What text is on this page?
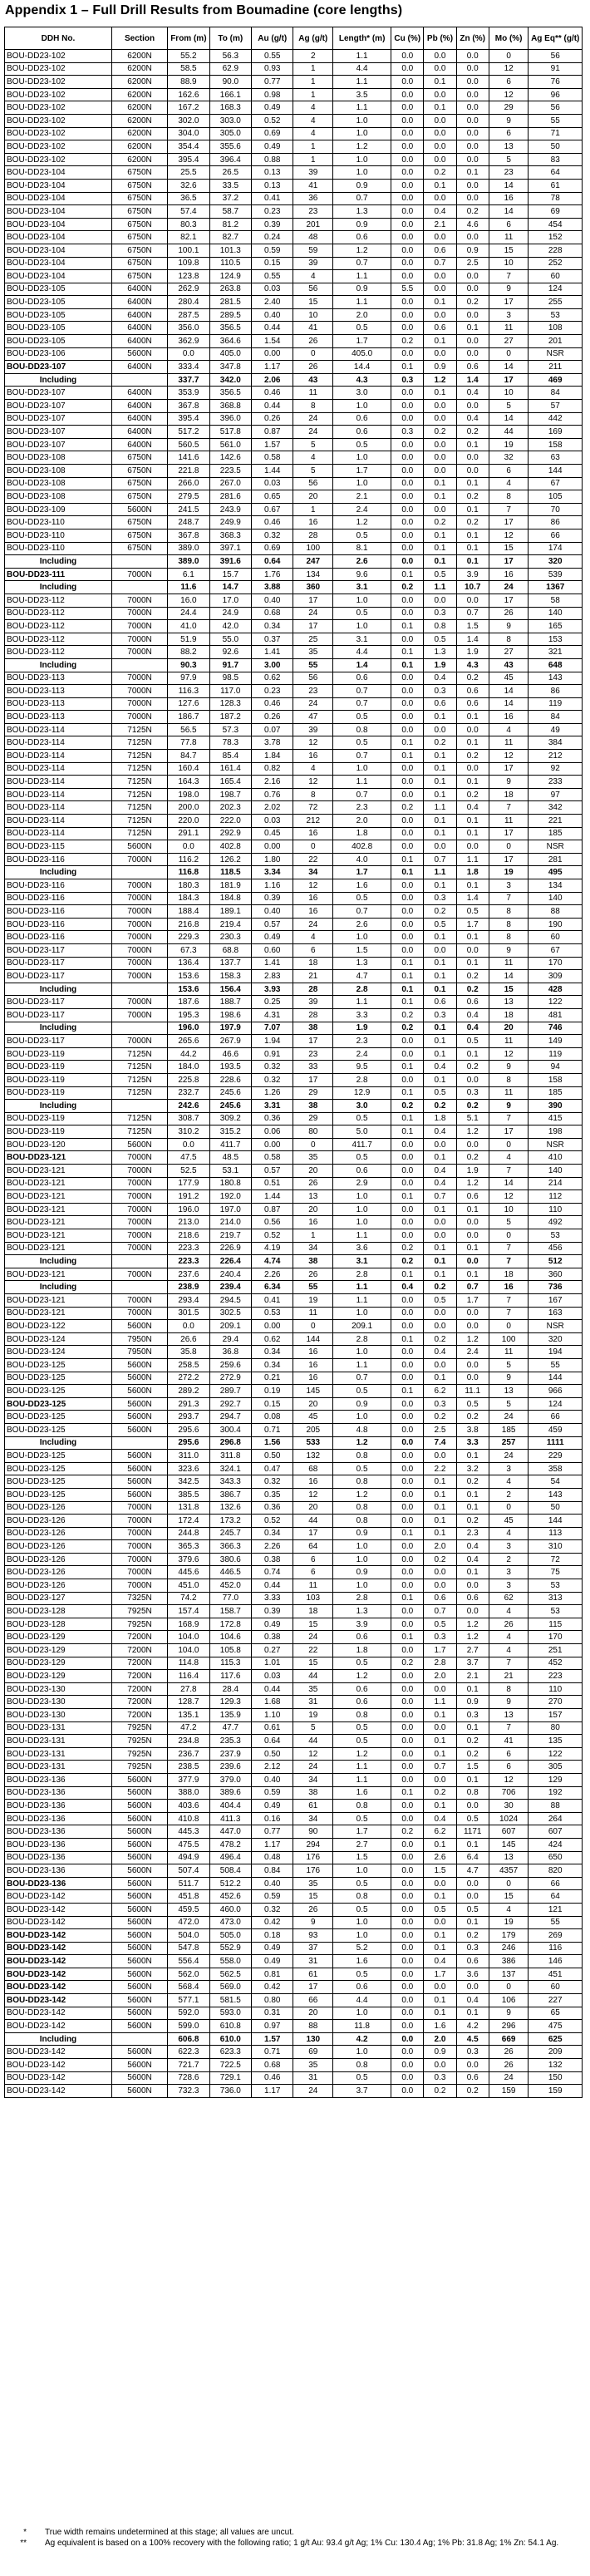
Appendix 1 – Full Drill Results from Boumadine (core lengths)
DDH No.	Section	From (m)	To (m)	Au (g/t)	Ag (g/t)	Length* (m)	Cu (%)	Pb (%)	Zn (%)	Mo (%)	Ag Eq** (g/t)
BOU-DD23-102	6200N	55.2	56.3	0.55	2	1.1	0.0	0.0	0.0	0	56
BOU-DD23-102	6200N	58.5	62.9	0.93	1	4.4	0.0	0.0	0.0	12	91
BOU-DD23-102	6200N	88.9	90.0	0.77	1	1.1	0.0	0.1	0.0	6	76
BOU-DD23-102	6200N	162.6	166.1	0.98	1	3.5	0.0	0.0	0.0	12	96
BOU-DD23-102	6200N	167.2	168.3	0.49	4	1.1	0.0	0.1	0.0	29	56
BOU-DD23-102	6200N	302.0	303.0	0.52	4	1.0	0.0	0.0	0.0	9	55
BOU-DD23-102	6200N	304.0	305.0	0.69	4	1.0	0.0	0.0	0.0	6	71
BOU-DD23-102	6200N	354.4	355.6	0.49	1	1.2	0.0	0.0	0.0	13	50
BOU-DD23-102	6200N	395.4	396.4	0.88	1	1.0	0.0	0.0	0.0	5	83
BOU-DD23-104	6750N	25.5	26.5	0.13	39	1.0	0.0	0.2	0.1	23	64
BOU-DD23-104	6750N	32.6	33.5	0.13	41	0.9	0.0	0.1	0.0	14	61
BOU-DD23-104	6750N	36.5	37.2	0.41	36	0.7	0.0	0.0	0.0	16	78
BOU-DD23-104	6750N	57.4	58.7	0.23	23	1.3	0.0	0.4	0.2	14	69
BOU-DD23-104	6750N	80.3	81.2	0.39	201	0.9	0.0	2.1	4.6	6	454
BOU-DD23-104	6750N	82.1	82.7	0.24	48	0.6	0.0	0.0	0.0	11	152
BOU-DD23-104	6750N	100.1	101.3	0.59	59	1.2	0.0	0.6	0.9	15	228
BOU-DD23-104	6750N	109.8	110.5	0.15	39	0.7	0.0	0.7	2.5	10	252
BOU-DD23-104	6750N	123.8	124.9	0.55	4	1.1	0.0	0.0	0.0	7	60
BOU-DD23-105	6400N	262.9	263.8	0.03	56	0.9	5.5	0.0	0.0	9	124
BOU-DD23-105	6400N	280.4	281.5	2.40	15	1.1	0.0	0.1	0.2	17	255
BOU-DD23-105	6400N	287.5	289.5	0.40	10	2.0	0.0	0.0	0.0	3	53
BOU-DD23-105	6400N	356.0	356.5	0.44	41	0.5	0.0	0.6	0.1	11	108
BOU-DD23-105	6400N	362.9	364.6	1.54	26	1.7	0.2	0.1	0.0	27	201
BOU-DD23-106	5600N	0.0	405.0	0.00	0	405.0	0.0	0.0	0.0	0	NSR
BOU-DD23-107	6400N	333.4	347.8	1.17	26	14.4	0.1	0.9	0.6	14	211
Including		337.7	342.0	2.06	43	4.3	0.3	1.2	1.4	17	469
BOU-DD23-107	6400N	353.9	356.5	0.46	11	3.0	0.0	0.1	0.4	10	84
BOU-DD23-107	6400N	367.8	368.8	0.44	8	1.0	0.0	0.0	0.0	5	57
BOU-DD23-107	6400N	395.4	396.0	0.26	24	0.6	0.0	0.0	0.4	14	442
BOU-DD23-107	6400N	517.2	517.8	0.87	24	0.6	0.3	0.2	0.2	44	169
BOU-DD23-107	6400N	560.5	561.0	1.57	5	0.5	0.0	0.0	0.1	19	158
BOU-DD23-108	6750N	141.6	142.6	0.58	4	1.0	0.0	0.0	0.0	32	63
BOU-DD23-108	6750N	221.8	223.5	1.44	5	1.7	0.0	0.0	0.0	6	144
BOU-DD23-108	6750N	266.0	267.0	0.03	56	1.0	0.0	0.1	0.1	4	67
BOU-DD23-108	6750N	279.5	281.6	0.65	20	2.1	0.0	0.1	0.2	8	105
BOU-DD23-109	5600N	241.5	243.9	0.67	1	2.4	0.0	0.0	0.1	7	70
BOU-DD23-110	6750N	248.7	249.9	0.46	16	1.2	0.0	0.2	0.2	17	86
BOU-DD23-110	6750N	367.8	368.3	0.32	28	0.5	0.0	0.1	0.1	12	66
BOU-DD23-110	6750N	389.0	397.1	0.69	100	8.1	0.0	0.1	0.1	15	174
Including		389.0	391.6	0.64	247	2.6	0.0	0.1	0.1	17	320
BOU-DD23-111	7000N	6.1	15.7	1.76	134	9.6	0.1	0.5	3.9	16	539
Including		11.6	14.7	3.88	360	3.1	0.2	1.1	10.7	24	1367
BOU-DD23-112	7000N	16.0	17.0	0.40	17	1.0	0.0	0.0	0.0	17	58
BOU-DD23-112	7000N	24.4	24.9	0.68	24	0.5	0.0	0.3	0.7	26	140
BOU-DD23-112	7000N	41.0	42.0	0.34	17	1.0	0.1	0.8	1.5	9	165
BOU-DD23-112	7000N	51.9	55.0	0.37	25	3.1	0.0	0.5	1.4	8	153
BOU-DD23-112	7000N	88.2	92.6	1.41	35	4.4	0.1	1.3	1.9	27	321
Including		90.3	91.7	3.00	55	1.4	0.1	1.9	4.3	43	648
BOU-DD23-113	7000N	97.9	98.5	0.62	56	0.6	0.0	0.4	0.2	45	143
BOU-DD23-113	7000N	116.3	117.0	0.23	23	0.7	0.0	0.3	0.6	14	86
BOU-DD23-113	7000N	127.6	128.3	0.46	24	0.7	0.0	0.6	0.6	14	119
BOU-DD23-113	7000N	186.7	187.2	0.26	47	0.5	0.0	0.1	0.1	16	84
BOU-DD23-114	7125N	56.5	57.3	0.07	39	0.8	0.0	0.0	0.0	4	49
BOU-DD23-114	7125N	77.8	78.3	3.78	12	0.5	0.1	0.2	0.1	11	384
BOU-DD23-114	7125N	84.7	85.4	1.84	16	0.7	0.1	0.1	0.2	12	212
BOU-DD23-114	7125N	160.4	161.4	0.82	4	1.0	0.0	0.1	0.0	17	92
BOU-DD23-114	7125N	164.3	165.4	2.16	12	1.1	0.0	0.1	0.1	9	233
BOU-DD23-114	7125N	198.0	198.7	0.76	8	0.7	0.0	0.1	0.2	18	97
BOU-DD23-114	7125N	200.0	202.3	2.02	72	2.3	0.2	1.1	0.4	7	342
BOU-DD23-114	7125N	220.0	222.0	0.03	212	2.0	0.0	0.1	0.1	11	221
BOU-DD23-114	7125N	291.1	292.9	0.45	16	1.8	0.0	0.1	0.1	17	185
BOU-DD23-115	5600N	0.0	402.8	0.00	0	402.8	0.0	0.0	0.0	0	NSR
BOU-DD23-116	7000N	116.2	126.2	1.80	22	4.0	0.1	0.7	1.1	17	281
Including		116.8	118.5	3.34	34	1.7	0.1	1.1	1.8	19	495
BOU-DD23-116	7000N	180.3	181.9	1.16	12	1.6	0.0	0.1	0.1	3	134
BOU-DD23-116	7000N	184.3	184.8	0.39	16	0.5	0.0	0.3	1.4	7	140
BOU-DD23-116	7000N	188.4	189.1	0.40	16	0.7	0.0	0.2	0.5	8	88
BOU-DD23-116	7000N	216.8	219.4	0.57	24	2.6	0.0	0.5	1.7	8	190
BOU-DD23-116	7000N	229.3	230.3	0.49	4	1.0	0.0	0.1	0.1	8	60
BOU-DD23-117	7000N	67.3	68.8	0.60	6	1.5	0.0	0.0	0.0	9	67
BOU-DD23-117	7000N	136.4	137.7	1.41	18	1.3	0.1	0.1	0.1	11	170
BOU-DD23-117	7000N	153.6	158.3	2.83	21	4.7	0.1	0.1	0.2	14	309
Including		153.6	156.4	3.93	28	2.8	0.1	0.1	0.2	15	428
BOU-DD23-117	7000N	187.6	188.7	0.25	39	1.1	0.1	0.6	0.6	13	122
BOU-DD23-117	7000N	195.3	198.6	4.31	28	3.3	0.2	0.3	0.4	18	481
Including		196.0	197.9	7.07	38	1.9	0.2	0.1	0.4	20	746
BOU-DD23-117	7000N	265.6	267.9	1.94	17	2.3	0.0	0.1	0.5	11	149
BOU-DD23-119	7125N	44.2	46.6	0.91	23	2.4	0.0	0.1	0.1	12	119
BOU-DD23-119	7125N	184.0	193.5	0.32	33	9.5	0.1	0.4	0.2	9	94
BOU-DD23-119	7125N	225.8	228.6	0.32	17	2.8	0.0	0.1	0.0	8	158
BOU-DD23-119	7125N	232.7	245.6	1.26	29	12.9	0.1	0.5	0.3	11	185
Including		242.6	245.6	3.31	38	3.0	0.2	0.2	0.2	9	390
BOU-DD23-119	7125N	308.7	309.2	0.36	29	0.5	0.1	1.8	5.1	7	415
BOU-DD23-119	7125N	310.2	315.2	0.06	80	5.0	0.1	0.4	1.2	17	198
BOU-DD23-120	5600N	0.0	411.7	0.00	0	411.7	0.0	0.0	0.0	0	NSR
BOU-DD23-121	7000N	47.5	48.5	0.58	35	0.5	0.0	0.1	0.2	4	410
BOU-DD23-121	7000N	52.5	53.1	0.57	20	0.6	0.0	0.4	1.9	7	140
BOU-DD23-121	7000N	177.9	180.8	0.51	26	2.9	0.0	0.4	1.2	14	214
BOU-DD23-121	7000N	191.2	192.0	1.44	13	1.0	0.1	0.7	0.6	12	112
BOU-DD23-121	7000N	196.0	197.0	0.87	20	1.0	0.0	0.1	0.1	10	110
BOU-DD23-121	7000N	213.0	214.0	0.56	16	1.0	0.0	0.0	0.0	5	492
BOU-DD23-121	7000N	218.6	219.7	0.52	1	1.1	0.0	0.0	0.0	0	53
BOU-DD23-121	7000N	223.3	226.9	4.19	34	3.6	0.2	0.1	0.1	7	456
Including		223.3	226.4	4.74	38	3.1	0.2	0.1	0.0	7	512
BOU-DD23-121	7000N	237.6	240.4	2.26	26	2.8	0.1	0.1	0.1	18	360
Including		238.9	239.4	6.34	55	1.1	0.4	0.2	0.7	16	736
BOU-DD23-121	7000N	293.4	294.5	0.41	19	1.1	0.0	0.5	1.7	7	167
BOU-DD23-121	7000N	301.5	302.5	0.53	11	1.0	0.0	0.0	0.0	7	163
BOU-DD23-122	5600N	0.0	209.1	0.00	0	209.1	0.0	0.0	0.0	0	NSR
BOU-DD23-124	7950N	26.6	29.4	0.62	144	2.8	0.1	0.2	1.2	100	320
BOU-DD23-124	7950N	35.8	36.8	0.34	16	1.0	0.0	0.4	2.4	11	194
BOU-DD23-125	5600N	258.5	259.6	0.34	16	1.1	0.0	0.0	0.0	5	55
BOU-DD23-125	5600N	272.2	272.9	0.21	16	0.7	0.0	0.1	0.0	9	144
BOU-DD23-125	5600N	289.2	289.7	0.19	145	0.5	0.1	6.2	11.1	13	966
BOU-DD23-125	5600N	291.3	292.7	0.15	20	0.9	0.0	0.3	0.5	5	124
BOU-DD23-125	5600N	293.7	294.7	0.08	45	1.0	0.0	0.2	0.2	24	66
BOU-DD23-125	5600N	295.6	300.4	0.71	205	4.8	0.0	2.5	3.8	185	459
Including		295.6	296.8	1.56	533	1.2	0.0	7.4	3.3	257	1111
BOU-DD23-125	5600N	311.0	311.8	0.50	132	0.8	0.0	0.0	0.1	24	229
BOU-DD23-125	5600N	323.6	324.1	0.47	68	0.5	0.0	2.2	3.2	3	358
BOU-DD23-125	5600N	342.5	343.3	0.32	16	0.8	0.0	0.1	0.2	4	54
BOU-DD23-125	5600N	385.5	386.7	0.35	12	1.2	0.0	0.1	0.1	2	143
BOU-DD23-126	7000N	131.8	132.6	0.36	20	0.8	0.0	0.1	0.1	0	50
BOU-DD23-126	7000N	172.4	173.2	0.52	44	0.8	0.0	0.1	0.2	45	144
BOU-DD23-126	7000N	244.8	245.7	0.34	17	0.9	0.1	0.1	2.3	4	113
BOU-DD23-126	7000N	365.3	366.3	2.26	64	1.0	0.0	2.0	0.4	3	310
BOU-DD23-126	7000N	379.6	380.6	0.38	6	1.0	0.0	0.2	0.4	2	72
BOU-DD23-126	7000N	445.6	446.5	0.74	6	0.9	0.0	0.0	0.1	3	75
BOU-DD23-126	7000N	451.0	452.0	0.44	11	1.0	0.0	0.0	0.0	3	53
BOU-DD23-127	7325N	74.2	77.0	3.33	103	2.8	0.1	0.6	0.6	62	313
BOU-DD23-128	7925N	157.4	158.7	0.39	18	1.3	0.0	0.7	0.0	4	53
BOU-DD23-128	7925N	168.9	172.8	0.49	15	3.9	0.0	0.5	1.2	26	115
BOU-DD23-129	7200N	104.0	104.6	0.38	24	0.6	0.1	0.3	1.2	4	170
BOU-DD23-129	7200N	104.0	105.8	0.27	22	1.8	0.0	1.7	2.7	4	251
BOU-DD23-129	7200N	114.8	115.3	1.01	15	0.5	0.2	2.8	3.7	7	452
BOU-DD23-129	7200N	116.4	117.6	0.03	44	1.2	0.0	2.0	2.1	21	223
BOU-DD23-130	7200N	27.8	28.4	0.44	35	0.6	0.0	0.0	0.1	8	110
BOU-DD23-130	7200N	128.7	129.3	1.68	31	0.6	0.0	1.1	0.9	9	270
BOU-DD23-130	7200N	135.1	135.9	1.10	19	0.8	0.0	0.1	0.3	13	157
BOU-DD23-131	7925N	47.2	47.7	0.61	5	0.5	0.0	0.0	0.1	7	80
BOU-DD23-131	7925N	234.8	235.3	0.64	44	0.5	0.0	0.1	0.2	41	135
BOU-DD23-131	7925N	236.7	237.9	0.50	12	1.2	0.0	0.1	0.2	6	122
BOU-DD23-131	7925N	238.5	239.6	2.12	24	1.1	0.0	0.7	1.5	6	305
BOU-DD23-136	5600N	377.9	379.0	0.40	34	1.1	0.0	0.0	0.1	12	129
BOU-DD23-136	5600N	388.0	389.6	0.59	38	1.6	0.1	0.2	0.8	706	192
BOU-DD23-136	5600N	403.6	404.4	0.49	61	0.8	0.0	0.1	0.0	30	88
BOU-DD23-136	5600N	410.8	411.3	0.16	34	0.5	0.0	0.4	0.5	1024	264
BOU-DD23-136	5600N	445.3	447.0	0.77	90	1.7	0.2	6.2	1171	607	607
BOU-DD23-136	5600N	475.5	478.2	1.17	294	2.7	0.0	0.1	0.1	145	424
BOU-DD23-136	5600N	494.9	496.4	0.48	176	1.5	0.0	2.6	6.4	13	650
BOU-DD23-136	5600N	507.4	508.4	0.84	176	1.0	0.0	1.5	4.7	4357	820
BOU-DD23-136	5600N	511.7	512.2	0.40	35	0.5	0.0	0.0	0.0	0	66
BOU-DD23-142	5600N	451.8	452.6	0.59	15	0.8	0.0	0.1	0.0	15	64
BOU-DD23-142	5600N	459.5	460.0	0.32	26	0.5	0.0	0.5	0.5	4	121
BOU-DD23-142	5600N	472.0	473.0	0.42	9	1.0	0.0	0.0	0.1	19	55
BOU-DD23-142	5600N	504.0	505.0	0.18	93	1.0	0.0	0.1	0.2	179	269
BOU-DD23-142	5600N	547.8	552.9	0.49	37	5.2	0.0	0.1	0.3	246	116
BOU-DD23-142	5600N	556.4	558.0	0.49	31	1.6	0.0	0.4	0.6	386	146
BOU-DD23-142	5600N	562.0	562.5	0.81	61	0.5	0.0	1.7	3.6	137	451
BOU-DD23-142	5600N	568.4	569.0	0.42	17	0.6	0.0	0.0	0.0	0	60
BOU-DD23-142	5600N	577.1	581.5	0.80	66	4.4	0.0	0.1	0.4	106	227
BOU-DD23-142	5600N	592.0	593.0	0.31	20	1.0	0.0	0.1	0.1	9	65
BOU-DD23-142	5600N	599.0	610.8	0.97	88	11.8	0.0	1.6	4.2	296	475
Including		606.8	610.0	1.57	130	4.2	0.0	2.0	4.5	669	625
BOU-DD23-142	5600N	622.3	623.3	0.71	69	1.0	0.0	0.9	0.3	26	209
BOU-DD23-142	5600N	721.7	722.5	0.68	35	0.8	0.0	0.0	0.0	26	132
BOU-DD23-142	5600N	728.6	729.1	0.46	31	0.5	0.0	0.3	0.6	24	150
BOU-DD23-142	5600N	732.3	736.0	1.17	24	3.7	0.0	0.2	0.2	159	159
* True width remains undetermined at this stage; all values are uncut.
** Ag equivalent is based on a 100% recovery with the following ratio; 1 g/t Au: 93.4 g/t Ag; 1% Cu: 130.4 Ag; 1% Pb: 31.8 Ag; 1% Zn: 54.1 Ag.
